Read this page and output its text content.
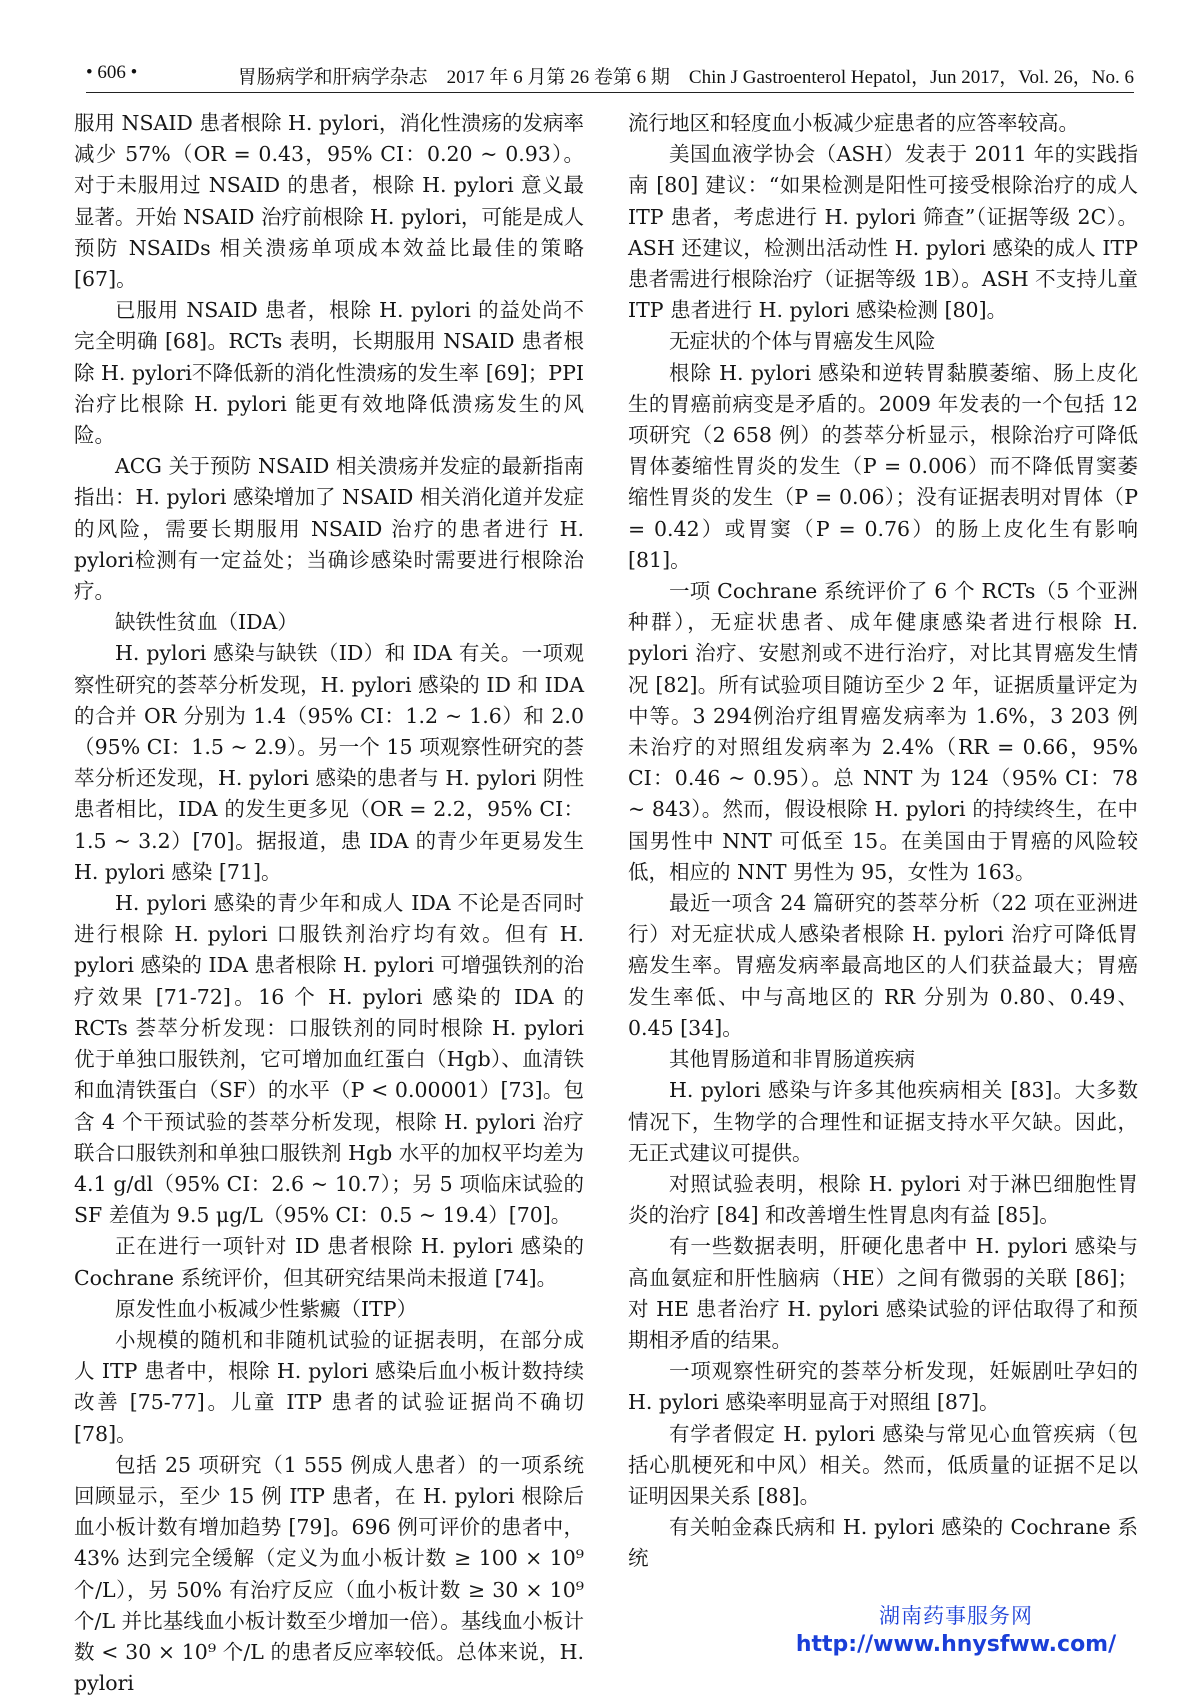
• 606 •	胃肠病学和肝病学杂志　2017 年 6 月第 26 卷第 6 期　Chin J Gastroenterol Hepatol，Jun 2017，Vol. 26，No. 6

服用 NSAID 患者根除 H. pylori，消化性溃疡的发病率减少 57%（OR = 0.43，95% CI：0.20 ~ 0.93）。对于未服用过 NSAID 的患者，根除 H. pylori 意义最显著。开始 NSAID 治疗前根除 H. pylori，可能是成人预防 NSAIDs 相关溃疡单项成本效益比最佳的策略 [67]。

已服用 NSAID 患者，根除 H. pylori 的益处尚不完全明确 [68]。RCTs 表明，长期服用 NSAID 患者根除 H. pylori不降低新的消化性溃疡的发生率 [69]；PPI 治疗比根除 H. pylori 能更有效地降低溃疡发生的风险。

ACG 关于预防 NSAID 相关溃疡并发症的最新指南指出：H. pylori 感染增加了 NSAID 相关消化道并发症的风险，需要长期服用 NSAID 治疗的患者进行 H. pylori检测有一定益处；当确诊感染时需要进行根除治疗。

缺铁性贫血（IDA）

H. pylori 感染与缺铁（ID）和 IDA 有关。一项观察性研究的荟萃分析发现，H. pylori 感染的 ID 和 IDA 的合并 OR 分别为 1.4（95% CI：1.2 ~ 1.6）和 2.0（95% CI：1.5 ~ 2.9）。另一个 15 项观察性研究的荟萃分析还发现，H. pylori 感染的患者与 H. pylori 阴性患者相比，IDA 的发生更多见（OR = 2.2，95% CI：1.5 ~ 3.2）[70]。据报道，患 IDA 的青少年更易发生 H. pylori 感染 [71]。

H. pylori 感染的青少年和成人 IDA 不论是否同时进行根除 H. pylori 口服铁剂治疗均有效。但有 H. pylori 感染的 IDA 患者根除 H. pylori 可增强铁剂的治疗效果 [71-72]。16 个 H. pylori 感染的 IDA 的 RCTs 荟萃分析发现：口服铁剂的同时根除 H. pylori 优于单独口服铁剂，它可增加血红蛋白（Hgb）、血清铁和血清铁蛋白（SF）的水平（P < 0.00001）[73]。包含 4 个干预试验的荟萃分析发现，根除 H. pylori 治疗联合口服铁剂和单独口服铁剂 Hgb 水平的加权平均差为 4.1 g/dl（95% CI：2.6 ~ 10.7）；另 5 项临床试验的 SF 差值为 9.5 μg/L（95% CI：0.5 ~ 19.4）[70]。

正在进行一项针对 ID 患者根除 H. pylori 感染的 Cochrane 系统评价，但其研究结果尚未报道 [74]。

原发性血小板减少性紫癜（ITP）

小规模的随机和非随机试验的证据表明，在部分成人 ITP 患者中，根除 H. pylori 感染后血小板计数持续改善 [75-77]。儿童 ITP 患者的试验证据尚不确切 [78]。

包括 25 项研究（1 555 例成人患者）的一项系统回顾显示，至少 15 例 ITP 患者，在 H. pylori 根除后血小板计数有增加趋势 [79]。696 例可评价的患者中，43% 达到完全缓解（定义为血小板计数 ≥ 100 × 10⁹ 个/L），另 50% 有治疗反应（血小板计数 ≥ 30 × 10⁹ 个/L 并比基线血小板计数至少增加一倍）。基线血小板计数 < 30 × 10⁹ 个/L 的患者反应率较低。总体来说，H. pylori

流行地区和轻度血小板减少症患者的应答率较高。

美国血液学协会（ASH）发表于 2011 年的实践指南 [80] 建议：“如果检测是阳性可接受根除治疗的成人 ITP 患者，考虑进行 H. pylori 筛查”（证据等级 2C）。ASH 还建议，检测出活动性 H. pylori 感染的成人 ITP 患者需进行根除治疗（证据等级 1B）。ASH 不支持儿童 ITP 患者进行 H. pylori 感染检测 [80]。

无症状的个体与胃癌发生风险

根除 H. pylori 感染和逆转胃黏膜萎缩、肠上皮化生的胃癌前病变是矛盾的。2009 年发表的一个包括 12 项研究（2 658 例）的荟萃分析显示，根除治疗可降低胃体萎缩性胃炎的发生（P = 0.006）而不降低胃窦萎缩性胃炎的发生（P = 0.06）；没有证据表明对胃体（P = 0.42）或胃窦（P = 0.76）的肠上皮化生有影响 [81]。

一项 Cochrane 系统评价了 6 个 RCTs（5 个亚洲种群），无症状患者、成年健康感染者进行根除 H. pylori 治疗、安慰剂或不进行治疗，对比其胃癌发生情况 [82]。所有试验项目随访至少 2 年，证据质量评定为中等。3 294例治疗组胃癌发病率为 1.6%，3 203 例未治疗的对照组发病率为 2.4%（RR = 0.66，95% CI：0.46 ~ 0.95）。总 NNT 为 124（95% CI：78 ~ 843）。然而，假设根除 H. pylori 的持续终生，在中国男性中 NNT 可低至 15。在美国由于胃癌的风险较低，相应的 NNT 男性为 95，女性为 163。

最近一项含 24 篇研究的荟萃分析（22 项在亚洲进行）对无症状成人感染者根除 H. pylori 治疗可降低胃癌发生率。胃癌发病率最高地区的人们获益最大；胃癌发生率低、中与高地区的 RR 分别为 0.80、0.49、0.45 [34]。

其他胃肠道和非胃肠道疾病

H. pylori 感染与许多其他疾病相关 [83]。大多数情况下，生物学的合理性和证据支持水平欠缺。因此，无正式建议可提供。

对照试验表明，根除 H. pylori 对于淋巴细胞性胃炎的治疗 [84] 和改善增生性胃息肉有益 [85]。

有一些数据表明，肝硬化患者中 H. pylori 感染与高血氨症和肝性脑病（HE）之间有微弱的关联 [86]；对 HE 患者治疗 H. pylori 感染试验的评估取得了和预期相矛盾的结果。

一项观察性研究的荟萃分析发现，妊娠剧吐孕妇的 H. pylori 感染率明显高于对照组 [87]。

有学者假定 H. pylori 感染与常见心血管疾病（包括心肌梗死和中风）相关。然而，低质量的证据不足以证明因果关系 [88]。

有关帕金森氏病和 H. pylori 感染的 Cochrane 系统

湖南药事服务网
http://www.hnysfww.com/
